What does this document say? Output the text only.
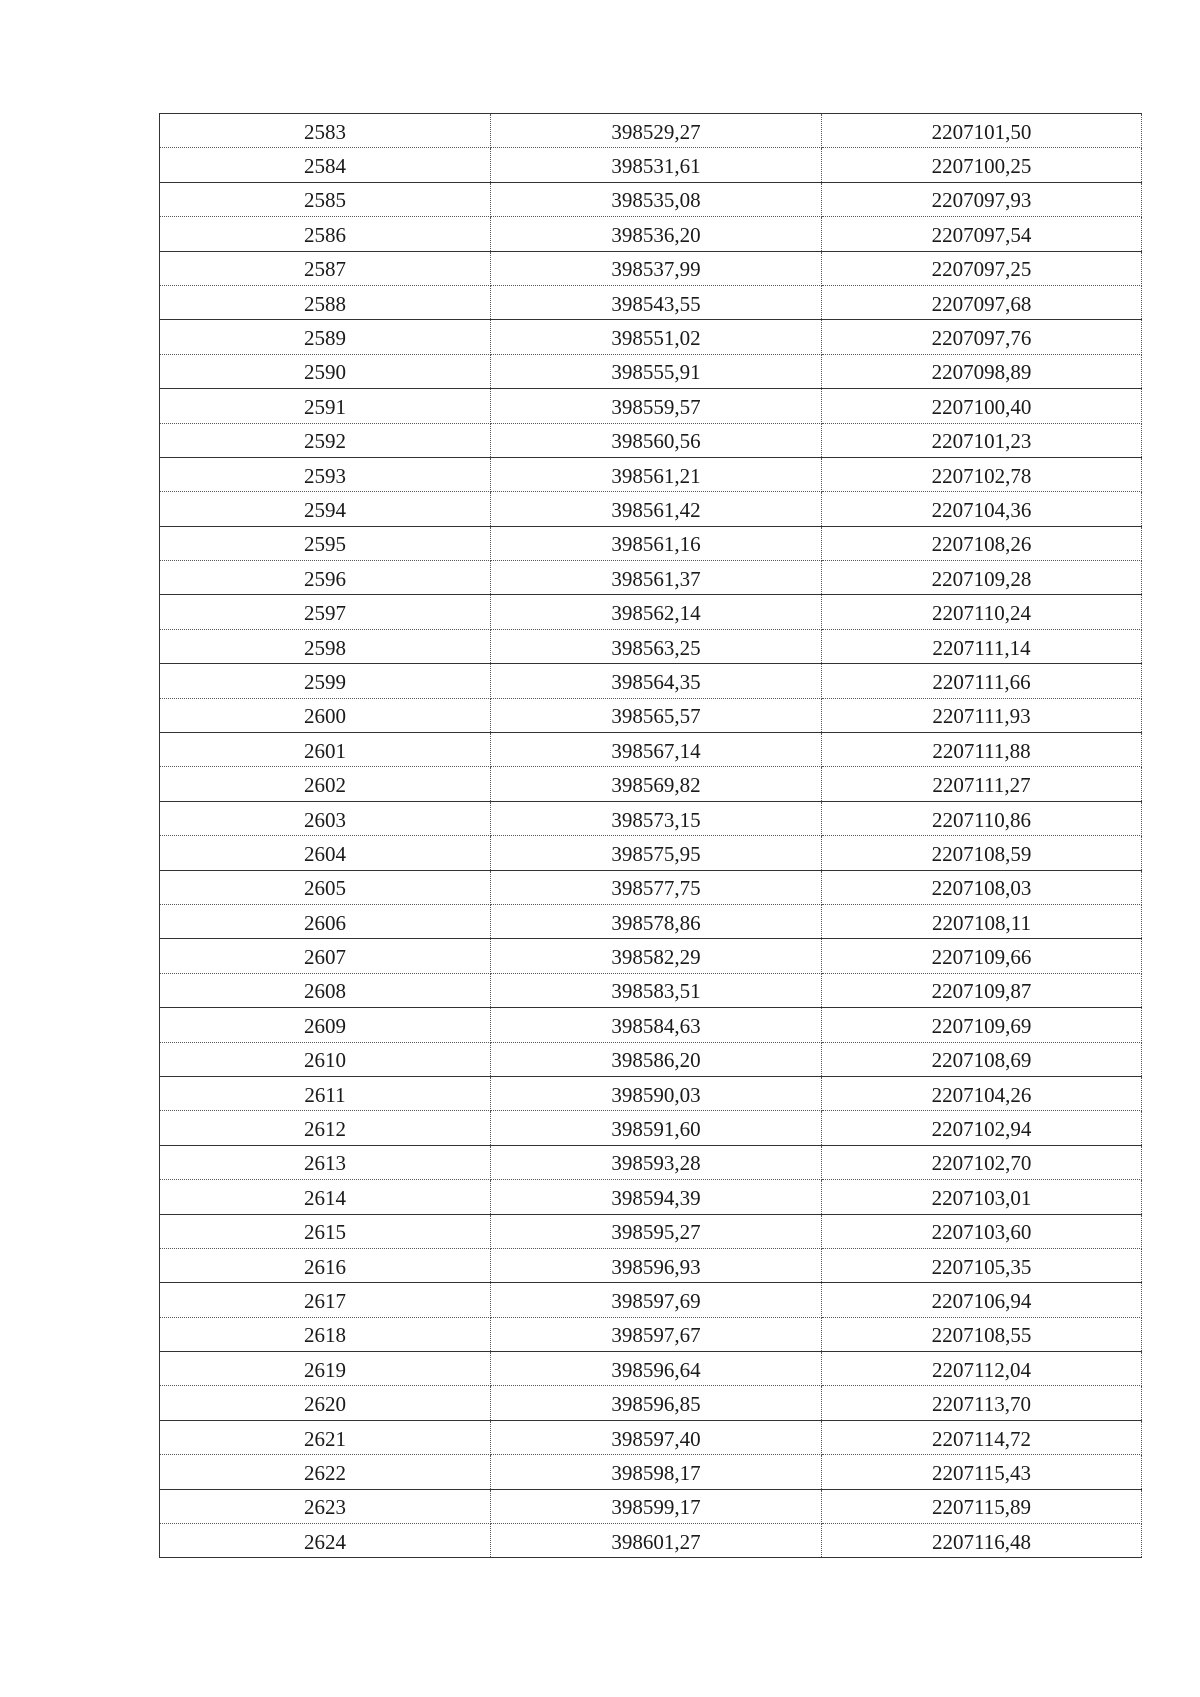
2583	398529,27	2207101,50
2584	398531,61	2207100,25
2585	398535,08	2207097,93
2586	398536,20	2207097,54
2587	398537,99	2207097,25
2588	398543,55	2207097,68
2589	398551,02	2207097,76
2590	398555,91	2207098,89
2591	398559,57	2207100,40
2592	398560,56	2207101,23
2593	398561,21	2207102,78
2594	398561,42	2207104,36
2595	398561,16	2207108,26
2596	398561,37	2207109,28
2597	398562,14	2207110,24
2598	398563,25	2207111,14
2599	398564,35	2207111,66
2600	398565,57	2207111,93
2601	398567,14	2207111,88
2602	398569,82	2207111,27
2603	398573,15	2207110,86
2604	398575,95	2207108,59
2605	398577,75	2207108,03
2606	398578,86	2207108,11
2607	398582,29	2207109,66
2608	398583,51	2207109,87
2609	398584,63	2207109,69
2610	398586,20	2207108,69
2611	398590,03	2207104,26
2612	398591,60	2207102,94
2613	398593,28	2207102,70
2614	398594,39	2207103,01
2615	398595,27	2207103,60
2616	398596,93	2207105,35
2617	398597,69	2207106,94
2618	398597,67	2207108,55
2619	398596,64	2207112,04
2620	398596,85	2207113,70
2621	398597,40	2207114,72
2622	398598,17	2207115,43
2623	398599,17	2207115,89
2624	398601,27	2207116,48
